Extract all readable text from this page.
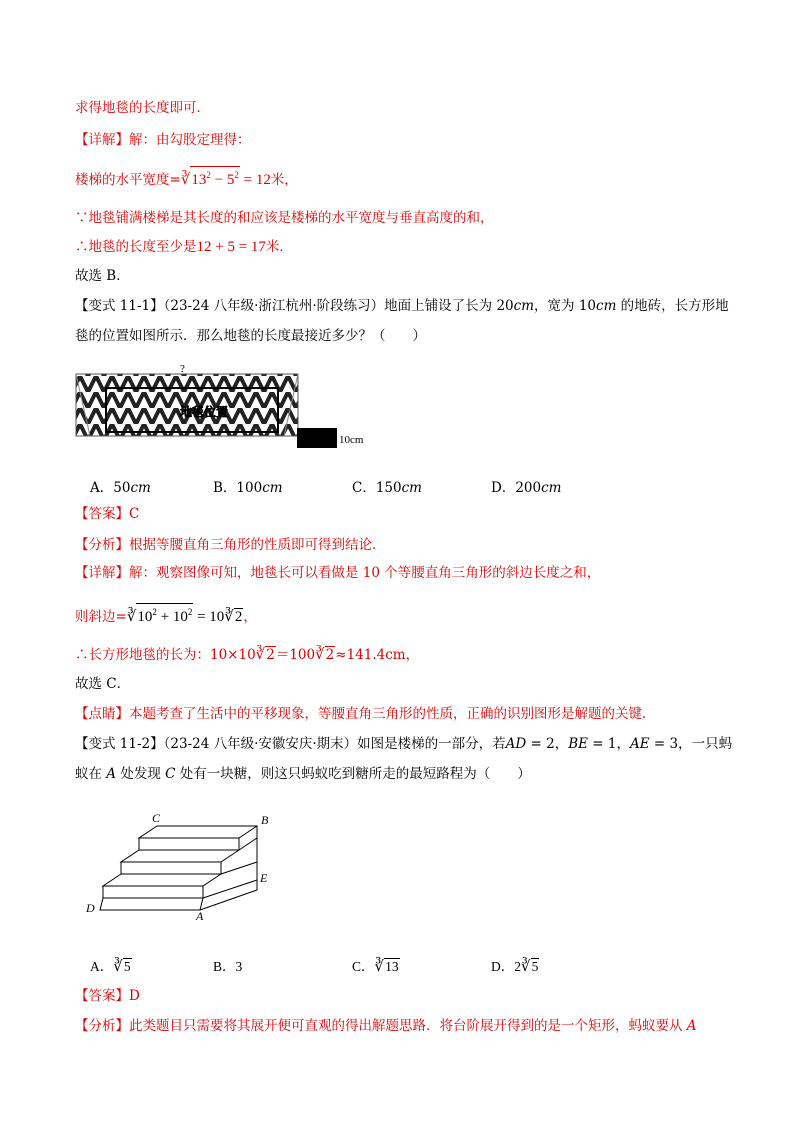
求得地毯的长度即可．
【详解】解：由勾股定理得：
楼梯的水平宽度$=∛13^2 - 5^2 = 12$米，
∵地毯铺满楼梯是其长度的和应该是楼梯的水平宽度与垂直高度的和，
∴地毯的长度至少是12 + 5 = 17米．
故选 B．
【变式 11-1】（23-24 八年级·浙江杭州·阶段练习）地面上铺设了长为 20cm，宽为 10cm 的地砖，长方形地
毯的位置如图所示．那么地毯的长度最接近多少？（　　）
?
地毯位置
10cm
A．50cm	B．100cm	C．150cm	D．200cm
【答案】C
【分析】根据等腰直角三角形的性质即可得到结论．
【详解】解：观察图像可知，地毯长可以看做是 10 个等腰直角三角形的斜边长度之和，
则斜边$=∛10^2 + 10^2$ = 10∛2，
∴长方形地毯的长为：10×10∛2＝100∛2≈141.4cm，
故选 C．
【点睛】本题考查了生活中的平移现象，等腰直角三角形的性质，正确的识别图形是解题的关键．
【变式 11-2】（23-24 八年级·安徽安庆·期末）如图是楼梯的一部分，若AD = 2，BE = 1，AE = 3，一只蚂
蚁在 A 处发现 C 处有一块糖，则这只蚂蚁吃到糖所走的最短路程为（　　）
C	B
E
D
A
A．∛5	B．3	C．∛13	D．2∛5
【答案】D
【分析】此类题目只需要将其展开便可直观的得出解题思路．将台阶展开得到的是一个矩形，蚂蚁要从 A
